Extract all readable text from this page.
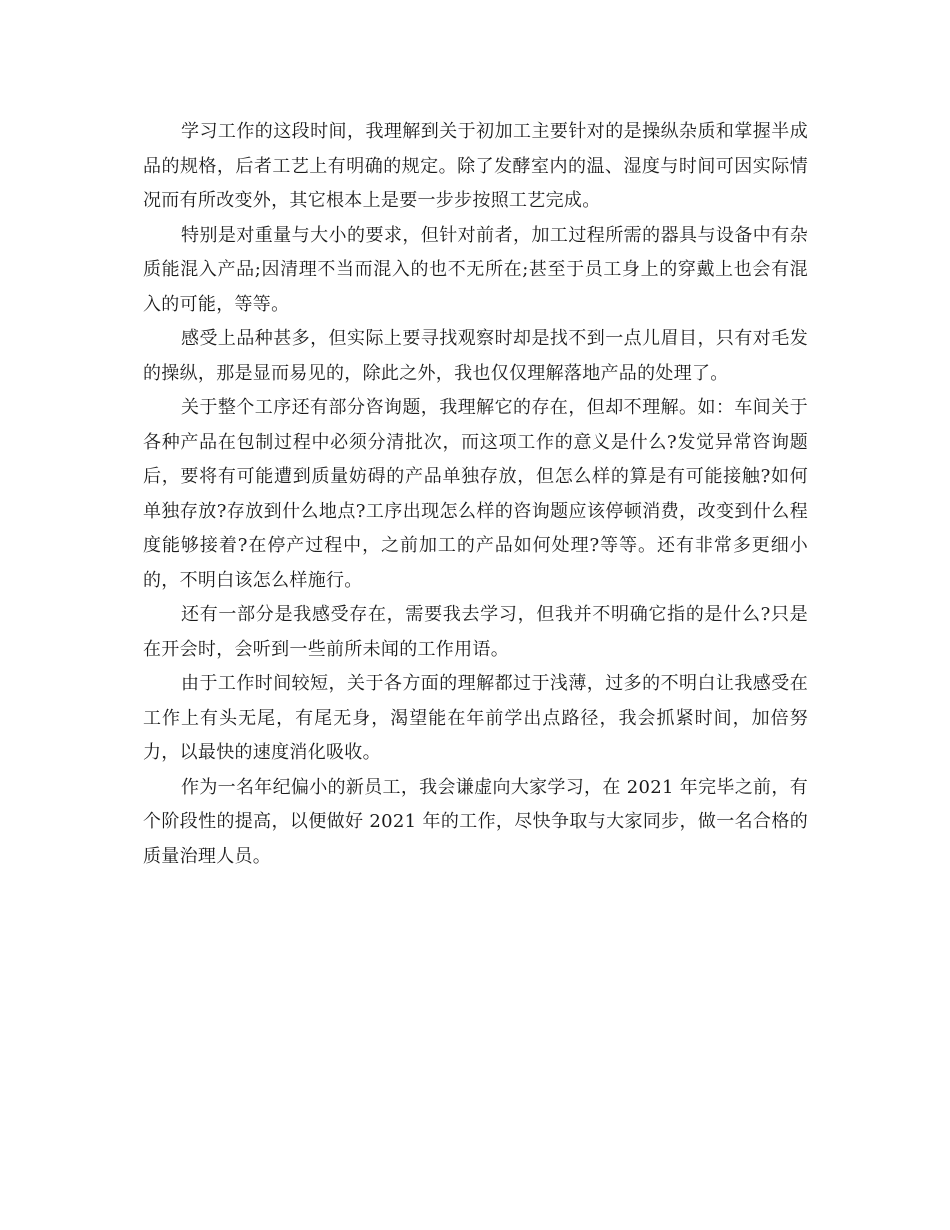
学习工作的这段时间，我理解到关于初加工主要针对的是操纵杂质和掌握半成品的规格，后者工艺上有明确的规定。除了发酵室内的温、湿度与时间可因实际情况而有所改变外，其它根本上是要一步步按照工艺完成。

特别是对重量与大小的要求，但针对前者，加工过程所需的器具与设备中有杂质能混入产品;因清理不当而混入的也不无所在;甚至于员工身上的穿戴上也会有混入的可能，等等。

感受上品种甚多，但实际上要寻找观察时却是找不到一点儿眉目，只有对毛发的操纵，那是显而易见的，除此之外，我也仅仅理解落地产品的处理了。

关于整个工序还有部分咨询题，我理解它的存在，但却不理解。如：车间关于各种产品在包制过程中必须分清批次，而这项工作的意义是什么?发觉异常咨询题后，要将有可能遭到质量妨碍的产品单独存放，但怎么样的算是有可能接触?如何单独存放?存放到什么地点?工序出现怎么样的咨询题应该停顿消费，改变到什么程度能够接着?在停产过程中，之前加工的产品如何处理?等等。还有非常多更细小的，不明白该怎么样施行。

还有一部分是我感受存在，需要我去学习，但我并不明确它指的是什么?只是在开会时，会听到一些前所未闻的工作用语。

由于工作时间较短，关于各方面的理解都过于浅薄，过多的不明白让我感受在工作上有头无尾，有尾无身，渴望能在年前学出点路径，我会抓紧时间，加倍努力，以最快的速度消化吸收。

作为一名年纪偏小的新员工，我会谦虚向大家学习，在 2021 年完毕之前，有个阶段性的提高，以便做好 2021 年的工作，尽快争取与大家同步，做一名合格的质量治理人员。
